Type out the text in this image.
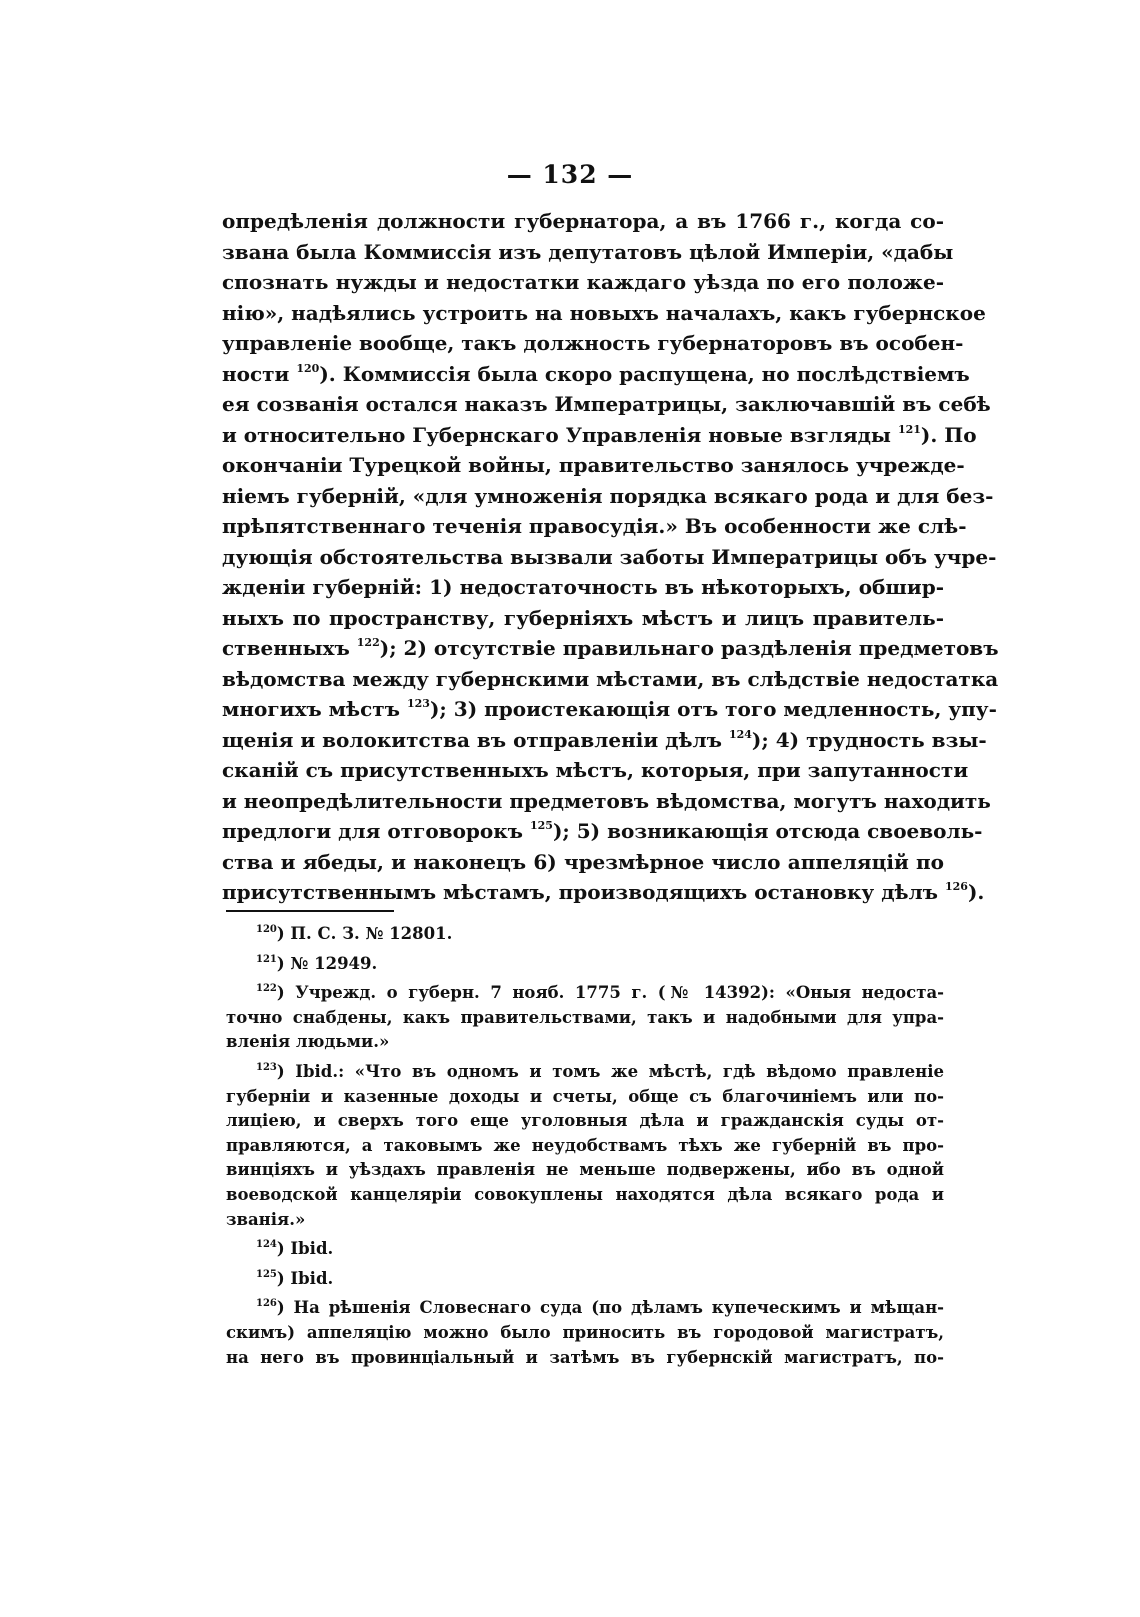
— 132 —
опредѣленія должности губернатора, а въ 1766 г., когда со-
звана была Коммиссія изъ депутатовъ цѣлой Имперіи, «дабы
спознать нужды и недостатки каждаго уѣзда по его положе-
нію», надѣялись устроить на новыхъ началахъ, какъ губернское
управленіе вообще, такъ должность губернаторовъ въ особен-
ности $^{120}$). Коммиссія была скоро распущена, но послѣдствіемъ
ея созванія остался наказъ Императрицы, заключавшій въ себѣ
и относительно Губернскаго Управленія новые взгляды $^{121}$). По
окончаніи Турецкой войны, правительство занялось учрежде-
ніемъ губерній, «для умноженія порядка всякаго рода и для без-
прѣпятственнаго теченія правосудія.» Въ особенности же слѣ-
дующія обстоятельства вызвали заботы Императрицы объ учре-
жденіи губерній: 1) недостаточность въ нѣкоторыхъ, обшир-
ныхъ по пространству, губерніяхъ мѣстъ и лицъ правитель-
ственныхъ $^{122}$); 2) отсутствіе правильнаго раздѣленія предметовъ
вѣдомства между губернскими мѣстами, въ слѣдствіе недостатка
многихъ мѣстъ $^{123}$); 3) проистекающія отъ того медленность, упу-
щенія и волокитства въ отправленіи дѣлъ $^{124}$); 4) трудность взы-
сканій съ присутственныхъ мѣстъ, которыя, при запутанности
и неопредѣлительности предметовъ вѣдомства, могутъ находить
предлоги для отговорокъ $^{125}$); 5) возникающія отсюда своеволь-
ства и ябеды, и наконецъ 6) чрезмѣрное число аппеляцій по
присутственнымъ мѣстамъ, производящихъ остановку дѣлъ $^{126}$).
$^{120}$) П. С. З. № 12801.
$^{121}$) № 12949.
$^{122}$) Учрежд. о губерн. 7 нояб. 1775 г. (№ 14392): «Оныя недоста-
точно снабдены, какъ правительствами, такъ и надобными для упра-
вленія людьми.»
$^{123}$) Ibid.: «Что въ одномъ и томъ же мѣстѣ, гдѣ вѣдомо правленіе
губерніи и казенные доходы и счеты, обще съ благочиніемъ или по-
лиціею, и сверхъ того еще уголовныя дѣла и гражданскія суды от-
правляются, а таковымъ же неудобствамъ тѣхъ же губерній въ про-
винціяхъ и уѣздахъ правленія не меньше подвержены, ибо въ одной
воеводской канцеляріи совокуплены находятся дѣла всякаго рода и
званія.»
$^{124}$) Ibid.
$^{125}$) Ibid.
$^{126}$) На рѣшенія Словеснаго суда (по дѣламъ купеческимъ и мѣщан-
скимъ) аппеляцію можно было приносить въ городовой магистратъ,
на него въ провинціальный и затѣмъ въ губернскій магистратъ, по-
